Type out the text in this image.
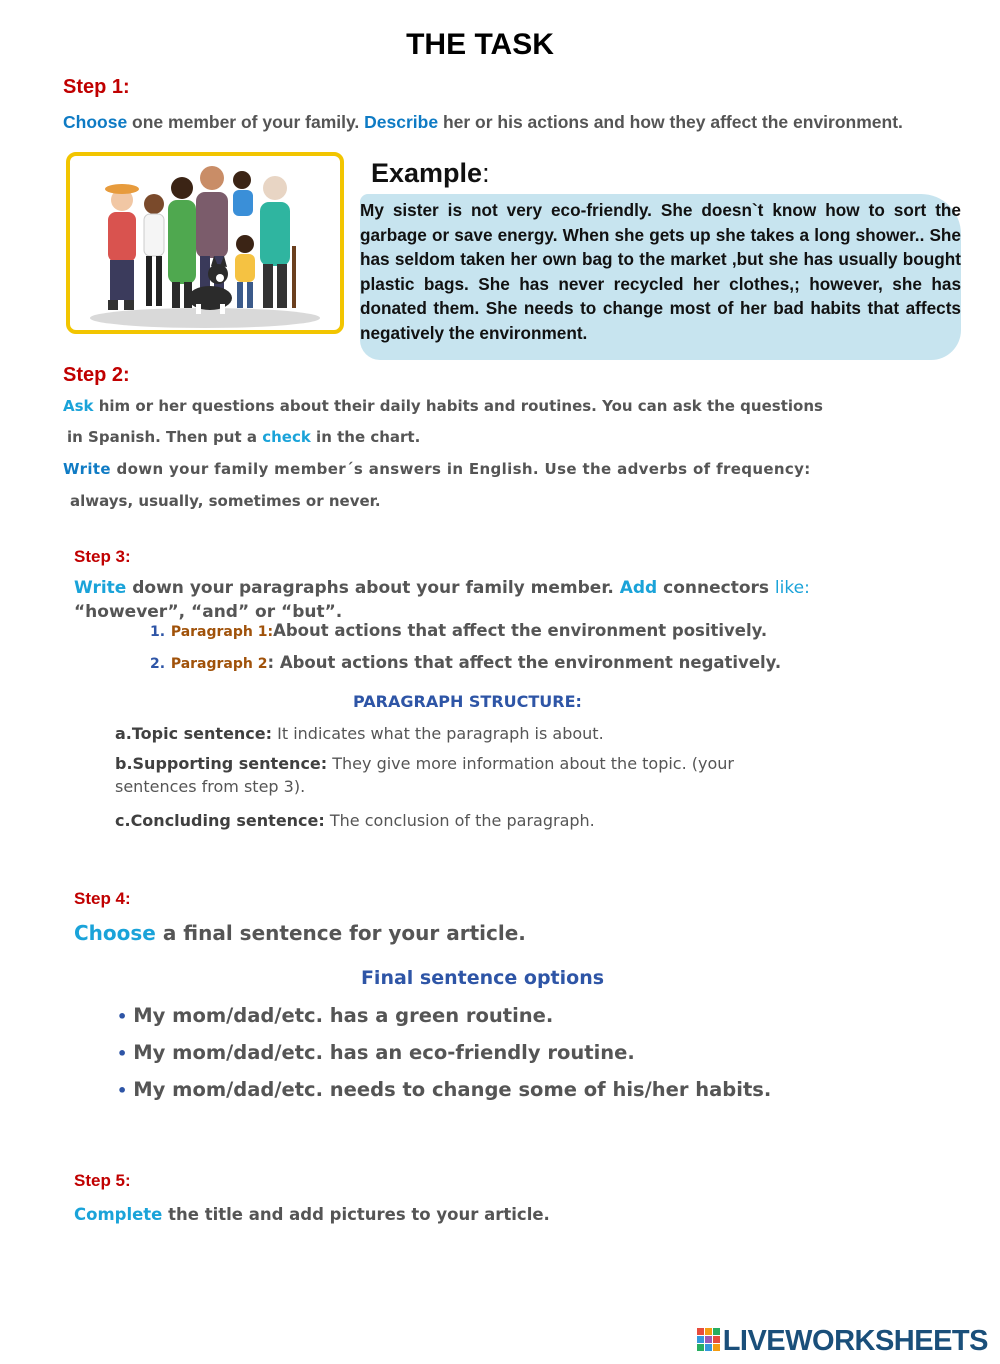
THE TASK
Step 1:
Choose one member of your family. Describe her or his actions and how they affect the environment.
Example:
My sister is not very eco-friendly. She doesn`t know how to sort the garbage or save energy. When she gets up she takes a long shower.. She has seldom taken her own bag to the market ,but she has usually bought plastic bags. She has never recycled her clothes,; however, she has donated them. She needs to change most of her bad habits that affects negatively the environment.
Step 2:
Ask him or her questions about their daily habits and routines. You can ask the questions
in Spanish. Then put a check in the chart.
Write down your family member´s answers in English. Use the adverbs of frequency:
always, usually, sometimes or never.
Step 3:
Write down your paragraphs about your family member. Add connectors like:
“however”, “and” or “but”.
1. Paragraph 1:About actions that affect the environment positively.
2. Paragraph 2: About actions that affect the environment negatively.
PARAGRAPH STRUCTURE:
a.Topic sentence: It indicates what the paragraph is about.
b.Supporting sentence: They give more information about the topic. (your sentences from step 3).
c.Concluding sentence: The conclusion of the paragraph.
Step 4:
Choose a final sentence for your article.
Final sentence options
• My mom/dad/etc. has a green routine.
• My mom/dad/etc. has an eco-friendly routine.
• My mom/dad/etc. needs to change some of his/her habits.
Step 5:
Complete the title and add pictures to your article.
LIVEWORKSHEETS
